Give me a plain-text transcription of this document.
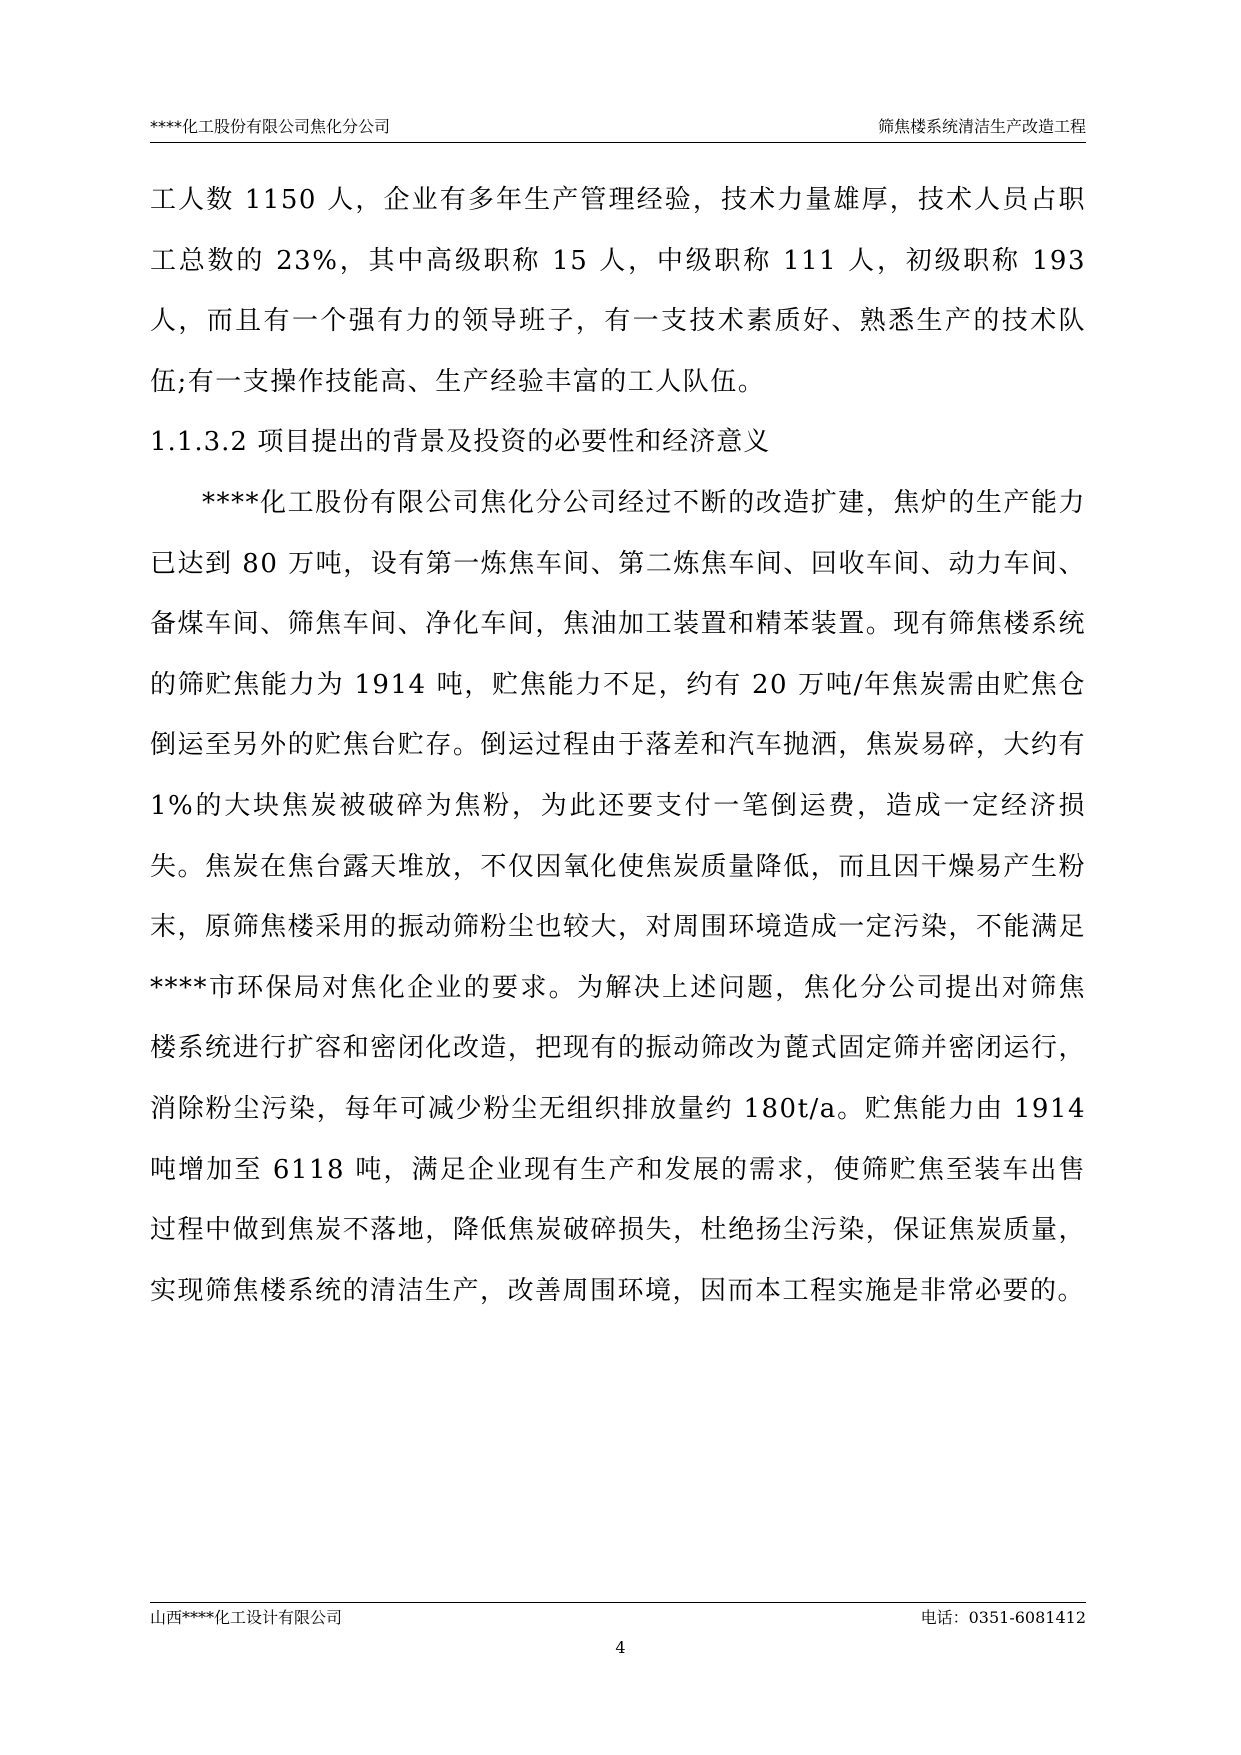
****化工股份有限公司焦化分公司	筛焦楼系统清洁生产改造工程

工人数 1150 人，企业有多年生产管理经验，技术力量雄厚，技术人员占职工总数的 23%，其中高级职称 15 人，中级职称 111 人，初级职称 193 人，而且有一个强有力的领导班子，有一支技术素质好、熟悉生产的技术队伍;有一支操作技能高、生产经验丰富的工人队伍。

1.1.3.2 项目提出的背景及投资的必要性和经济意义

****化工股份有限公司焦化分公司经过不断的改造扩建，焦炉的生产能力已达到 80 万吨，设有第一炼焦车间、第二炼焦车间、回收车间、动力车间、备煤车间、筛焦车间、净化车间，焦油加工装置和精苯装置。现有筛焦楼系统的筛贮焦能力为 1914 吨，贮焦能力不足，约有 20 万吨/年焦炭需由贮焦仓倒运至另外的贮焦台贮存。倒运过程由于落差和汽车抛洒，焦炭易碎，大约有 1%的大块焦炭被破碎为焦粉，为此还要支付一笔倒运费，造成一定经济损失。焦炭在焦台露天堆放，不仅因氧化使焦炭质量降低，而且因干燥易产生粉末，原筛焦楼采用的振动筛粉尘也较大，对周围环境造成一定污染，不能满足****市环保局对焦化企业的要求。为解决上述问题，焦化分公司提出对筛焦楼系统进行扩容和密闭化改造，把现有的振动筛改为蓖式固定筛并密闭运行，消除粉尘污染，每年可减少粉尘无组织排放量约 180t/a。贮焦能力由 1914 吨增加至 6118 吨，满足企业现有生产和发展的需求，使筛贮焦至装车出售过程中做到焦炭不落地，降低焦炭破碎损失，杜绝扬尘污染，保证焦炭质量，实现筛焦楼系统的清洁生产，改善周围环境，因而本工程实施是非常必要的。

山西****化工设计有限公司	电话：0351-6081412
4
